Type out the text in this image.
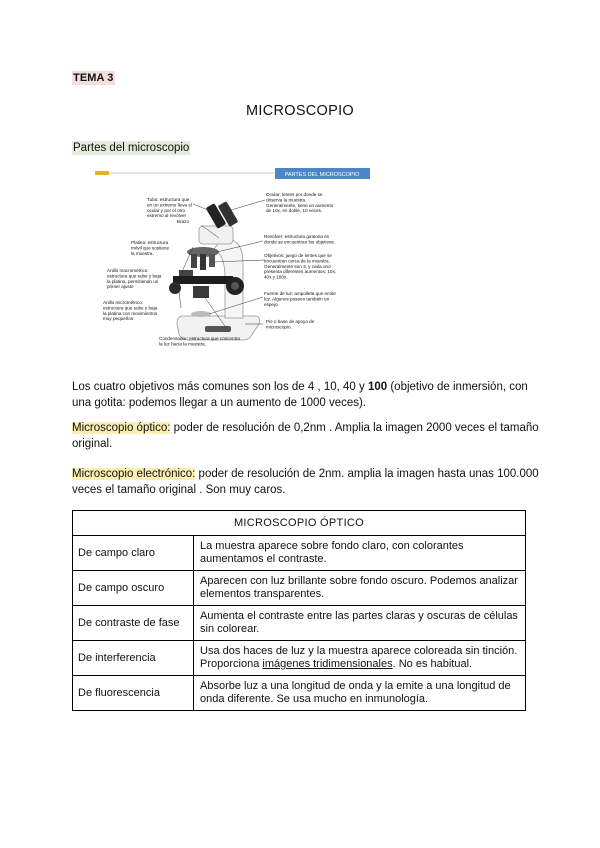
TEMA 3
MICROSCOPIO
Partes del microscopio
PARTES DEL MICROSCOPIO
Tubo: estructura que
en un extremo lleva el
ocular y por el otro
extremo al revólver
Brazo
Platina: estructura
móvil que sostiene
la muestra.
Anillo macrométrico:
estructura que sube y baja
la platina, permitiendo un
primer ajuste
Anillo micrométrico:
estructura que sube y baja
la platina con movimientos
muy pequeños
Ocular: lentes por donde se
observa la muestra.
Generalmente, tiene un aumento
de 10x, en doble, 10 veces.
Revólver: estructura giratoria en
donde se encuentran los objetivos.
Objetivos: juego de lentes que se
encuentran cerca de la muestra.
Generalmente son 3, y cada uno
presenta diferentes aumentos: 10x,
40x y 100x.
Fuente de luz: ampolleta que emite
luz. Algunos poseen también un
espejo.
Pie o base de apoyo de
microscopio.
Condensador: estructura que concentra
la luz hacia la muestra.
Los cuatro objetivos más comunes son los de 4 , 10, 40 y 100 (objetivo de inmersión, con una gotita: podemos llegar a un aumento de 1000 veces).
Microscopio óptico: poder de resolución de 0,2nm . Amplia la imagen 2000 veces el tamaño original.
Microscopio electrónico: poder de resolución de 2nm. amplia la imagen hasta unas 100.000 veces el tamaño original . Son muy caros.
MICROSCOPIO ÓPTICO	
De campo claro	La muestra aparece sobre fondo claro, con colorantes aumentamos el contraste.
De campo oscuro	Aparecen con luz brillante sobre fondo oscuro. Podemos analizar elementos transparentes.
De contraste de fase	Aumenta el contraste entre las partes claras y oscuras de células sin colorear.
De interferencia	Usa dos haces de luz y la muestra aparece coloreada sin tinción. Proporciona imágenes tridimensionales. No es habitual.
De fluorescencia	Absorbe luz a una longitud de onda y la emite a una longitud de onda diferente. Se usa mucho en inmunología.
